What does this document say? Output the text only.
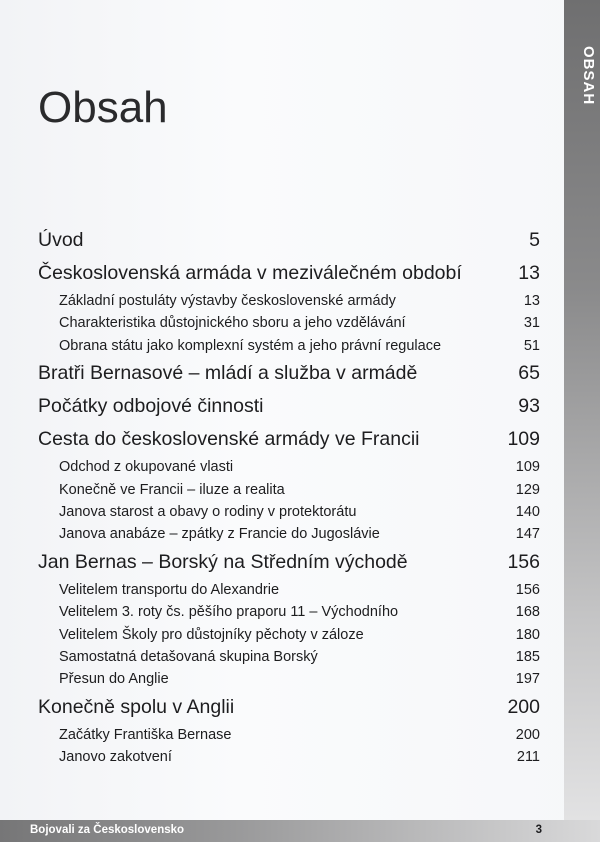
OBSAH
Obsah
Úvod	5
Československá armáda v meziválečném období	13
Základní postuláty výstavby československé armády	13
Charakteristika důstojnického sboru a jeho vzdělávání	31
Obrana státu jako komplexní systém a jeho právní regulace	51
Bratři Bernasové – mládí a služba v armádě	65
Počátky odbojové činnosti	93
Cesta do československé armády ve Francii	109
Odchod z okupované vlasti	109
Konečně ve Francii – iluze a realita	129
Janova starost a obavy o rodiny v protektorátu	140
Janova anabáze – zpátky z Francie do Jugoslávie	147
Jan Bernas – Borský na Středním východě	156
Velitelem transportu do Alexandrie	156
Velitelem 3. roty čs. pěšího praporu 11 – Východního	168
Velitelem Školy pro důstojníky pěchoty v záloze	180
Samostatná detašovaná skupina Borský	185
Přesun do Anglie	197
Konečně spolu v Anglii	200
Začátky Františka Bernase	200
Janovo zakotvení	211
Bojovali za Československo	3
